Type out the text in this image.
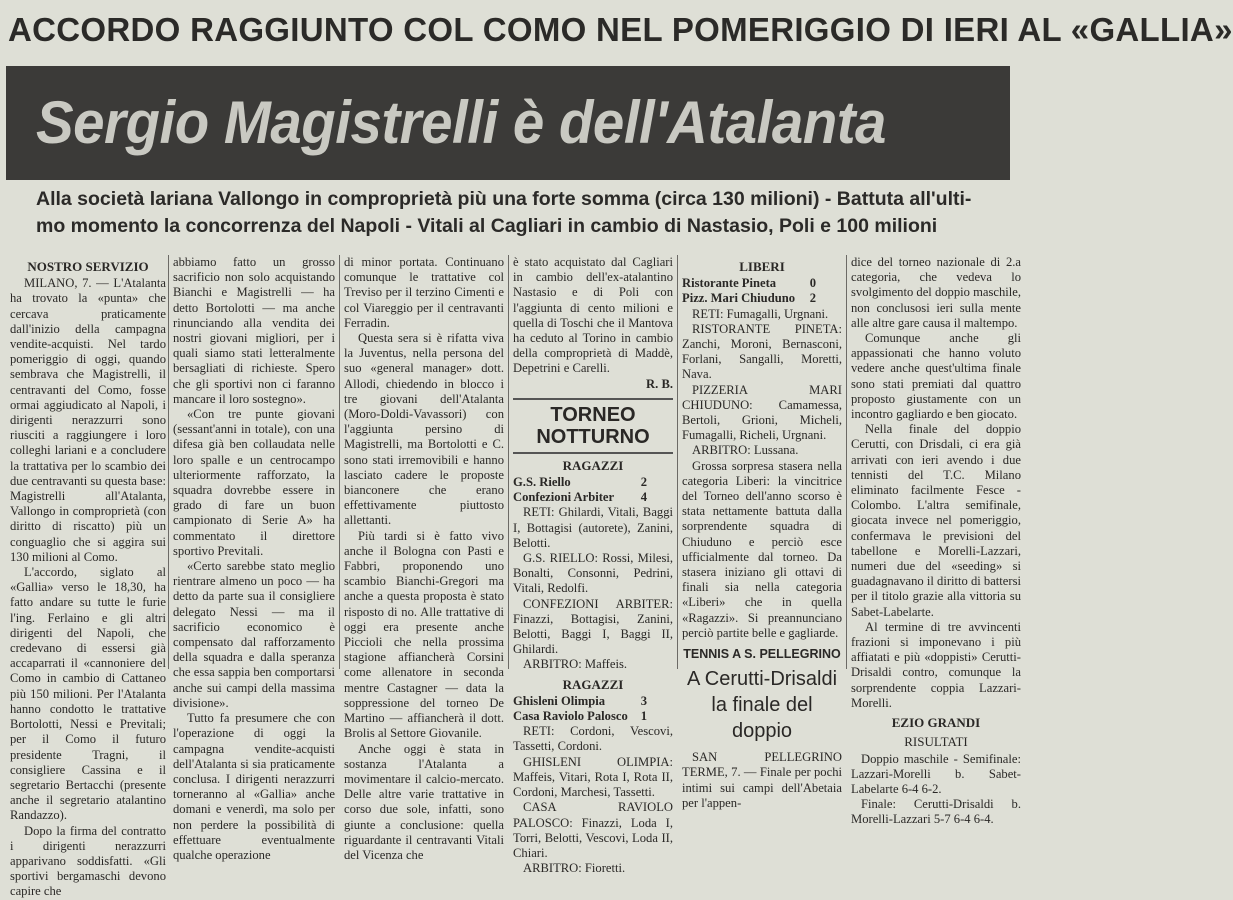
ACCORDO RAGGIUNTO COL COMO NEL POMERIGGIO DI IERI AL «GALLIA»
Sergio Magistrelli è dell'Atalanta

Alla società lariana Vallongo in comproprietà più una forte somma (circa 130 milioni) - Battuta all'ulti-

mo momento la concorrenza del Napoli - Vitali al Cagliari in cambio di Nastasio, Poli e 100 milioni

NOSTRO SERVIZIO

MILANO, 7. — L'Atalanta ha trovato la «punta» che cercava praticamente dall'inizio della campagna vendite-acquisti. Nel tardo pomeriggio di oggi, quando sembrava che Magistrelli, il centravanti del Como, fosse ormai aggiudicato al Napoli, i dirigenti nerazzurri sono riusciti a raggiungere i loro colleghi lariani e a concludere la trattativa per lo scambio dei due centravanti su questa base: Magistrelli all'Atalanta, Vallongo in comproprietà (con diritto di riscatto) più un conguaglio che si aggira sui 130 milioni al Como.

L'accordo, siglato al «Gallia» verso le 18,30, ha fatto andare su tutte le furie l'ing. Ferlaino e gli altri dirigenti del Napoli, che credevano di essersi già accaparrati il «cannoniere del Como in cambio di Cattaneo più 150 milioni. Per l'Atalanta hanno condotto le trattative Bortolotti, Nessi e Previtali; per il Como il futuro presidente Tragni, il consigliere Cassina e il segretario Bertacchi (presente anche il segretario atalantino Randazzo).

Dopo la firma del contratto i dirigenti nerazzurri apparivano soddisfatti. «Gli sportivi bergamaschi devono capire che

abbiamo fatto un grosso sacrificio non solo acquistando Bianchi e Magistrelli — ha detto Bortolotti — ma anche rinunciando alla vendita dei nostri giovani migliori, per i quali siamo stati letteralmente bersagliati di richieste. Spero che gli sportivi non ci faranno mancare il loro sostegno».

«Con tre punte giovani (sessant'anni in totale), con una difesa già ben collaudata nelle loro spalle e un centrocampo ulteriormente rafforzato, la squadra dovrebbe essere in grado di fare un buon campionato di Serie A» ha commentato il direttore sportivo Previtali.

«Certo sarebbe stato meglio rientrare almeno un poco — ha detto da parte sua il consigliere delegato Nessi — ma il sacrificio economico è compensato dal rafforzamento della squadra e dalla speranza che essa sappia ben comportarsi anche sui campi della massima divisione».

Tutto fa presumere che con l'operazione di oggi la campagna vendite-acquisti dell'Atalanta si sia praticamente conclusa. I dirigenti nerazzurri torneranno al «Gallia» anche domani e venerdì, ma solo per non perdere la possibilità di effettuare eventualmente qualche operazione

di minor portata. Continuano comunque le trattative col Treviso per il terzino Cimenti e col Viareggio per il centravanti Ferradin.

Questa sera si è rifatta viva la Juventus, nella persona del suo «general manager» dott. Allodi, chiedendo in blocco i tre giovani dell'Atalanta (Moro-Doldi-Vavassori) con l'aggiunta persino di Magistrelli, ma Bortolotti e C. sono stati irremovibili e hanno lasciato cadere le proposte bianconere che erano effettivamente piuttosto allettanti.

Più tardi si è fatto vivo anche il Bologna con Pasti e Fabbri, proponendo uno scambio Bianchi-Gregori ma anche a questa proposta è stato risposto di no. Alle trattative di oggi era presente anche Piccioli che nella prossima stagione affiancherà Corsini come allenatore in seconda mentre Castagner — data la soppressione del torneo De Martino — affiancherà il dott. Brolis al Settore Giovanile.

Anche oggi è stata in sostanza l'Atalanta a movimentare il calcio-mercato. Delle altre varie trattative in corso due sole, infatti, sono giunte a conclusione: quella riguardante il centravanti Vitali del Vicenza che

è stato acquistato dal Cagliari in cambio dell'ex-atalantino Nastasio e di Poli con l'aggiunta di cento milioni e quella di Toschi che il Mantova ha ceduto al Torino in cambio della comproprietà di Maddè, Depetrini e Carelli.

R. B.

TORNEO NOTTURNO

RAGAZZI

G.S. Riello	2
Confezioni Arbiter 4

RETI: Ghilardi, Vitali, Baggi I, Bottagisi (autorete), Zanini, Belotti.

G.S. RIELLO: Rossi, Milesi, Bonalti, Consonni, Pedrini, Vitali, Redolfi.

CONFEZIONI ARBITER: Finazzi, Bottagisi, Zanini, Belotti, Baggi I, Baggi II, Ghilardi.

ARBITRO: Maffeis.

RAGAZZI

Ghisleni Olimpia	3
Casa Raviolo Palosco 1

RETI: Cordoni, Vescovi, Tassetti, Cordoni.

GHISLENI OLIMPIA: Maffeis, Vitari, Rota I, Rota II, Cordoni, Marchesi, Tassetti.

CASA RAVIOLO PALOSCO: Finazzi, Loda I, Torri, Belotti, Vescovi, Loda II, Chiari.

ARBITRO: Fioretti.

LIBERI

Ristorante Pineta	0
Pizz. Mari Chiuduno 2

RETI: Fumagalli, Urgnani.

RISTORANTE PINETA: Zanchi, Moroni, Bernasconi, Forlani, Sangalli, Moretti, Nava.

PIZZERIA MARI CHIUDUNO: Camamessa, Bertoli, Grioni, Micheli, Fumagalli, Richeli, Urgnani.

ARBITRO: Lussana.

Grossa sorpresa stasera nella categoria Liberi: la vincitrice del Torneo dell'anno scorso è stata nettamente battuta dalla sorprendente squadra di Chiuduno e perciò esce ufficialmente dal torneo. Da stasera iniziano gli ottavi di finali sia nella categoria «Liberi» che in quella «Ragazzi». Si preannunciano perciò partite belle e gagliarde.

TENNIS A S. PELLEGRINO

A Cerutti-Drisaldi la finale del doppio

SAN PELLEGRINO TERME, 7. — Finale per pochi intimi sui campi dell'Abetaia per l'appen-

dice del torneo nazionale di 2.a categoria, che vedeva lo svolgimento del doppio maschile, non conclusosi ieri sulla mente alle altre gare causa il maltempo.

Comunque anche gli appassionati che hanno voluto vedere anche quest'ultima finale sono stati premiati dal quattro proposto giustamente con un incontro gagliardo e ben giocato.

Nella finale del doppio Cerutti, con Drisdali, ci era già arrivati con ieri avendo i due tennisti del T.C. Milano eliminato facilmente Fesce - Colombo. L'altra semifinale, giocata invece nel pomeriggio, confermava le previsioni del tabellone e Morelli-Lazzari, numeri due del «seeding» si guadagnavano il diritto di battersi per il titolo grazie alla vittoria su Sabet-Labelarte.

Al termine di tre avvincenti frazioni si imponevano i più affiatati e più «doppisti» Cerutti-Drisaldi contro, comunque la sorprendente coppia Lazzari-Morelli.

EZIO GRANDI

RISULTATI

Doppio maschile - Semifinale: Lazzari-Morelli b. Sabet-Labelarte 6-4 6-2.

Finale: Cerutti-Drisaldi b. Morelli-Lazzari 5-7 6-4 6-4.
